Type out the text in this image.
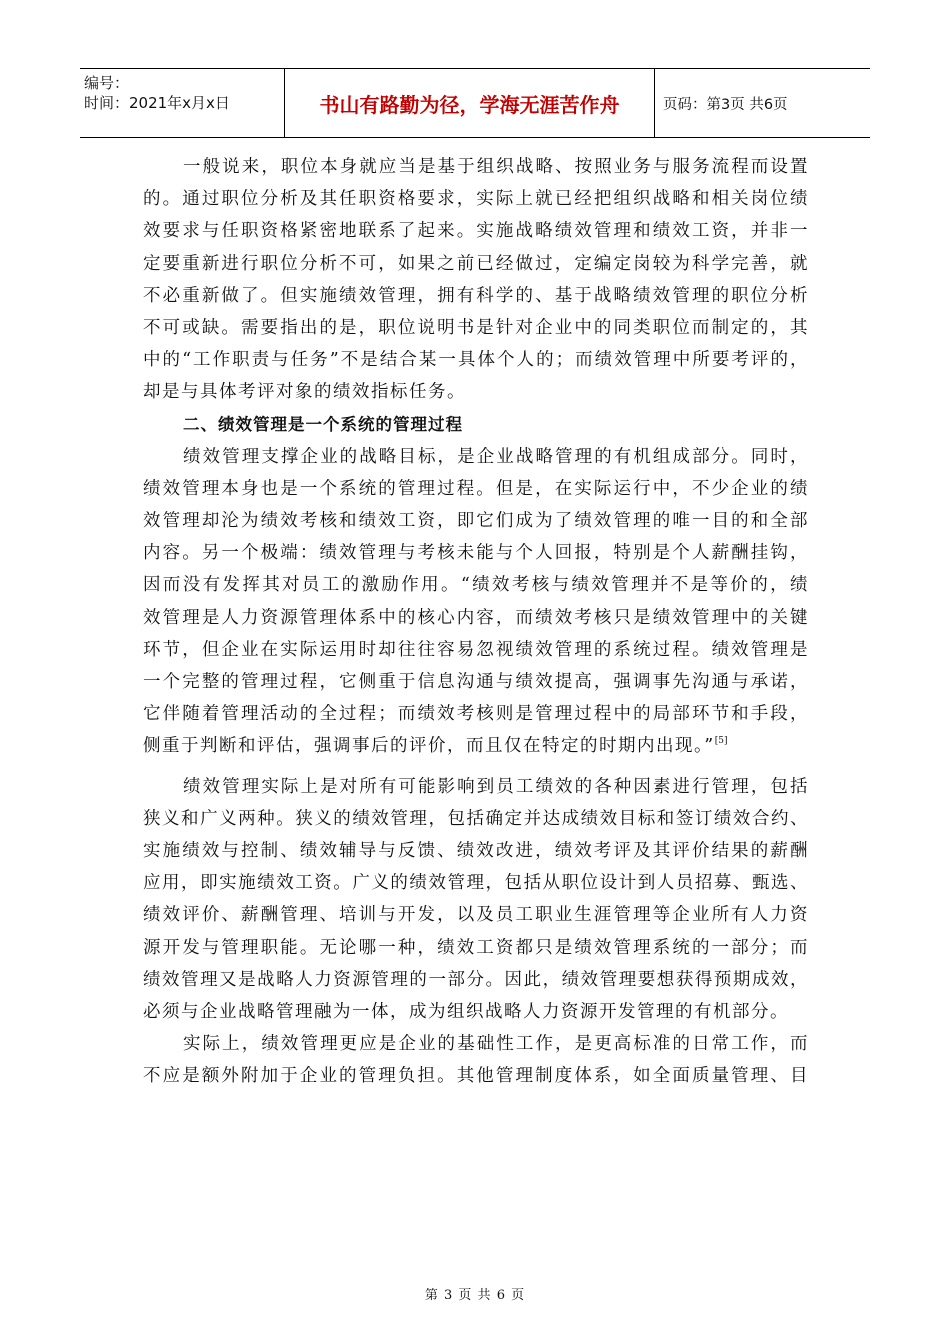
编号：
时间：2021年x月x日	书山有路勤为径，学海无涯苦作舟	页码：第3页 共6页
一般说来，职位本身就应当是基于组织战略、按照业务与服务流程而设置
的。通过职位分析及其任职资格要求，实际上就已经把组织战略和相关岗位绩
效要求与任职资格紧密地联系了起来。实施战略绩效管理和绩效工资，并非一
定要重新进行职位分析不可，如果之前已经做过，定编定岗较为科学完善，就
不必重新做了。但实施绩效管理，拥有科学的、基于战略绩效管理的职位分析
不可或缺。需要指出的是，职位说明书是针对企业中的同类职位而制定的，其
中的“工作职责与任务”不是结合某一具体个人的；而绩效管理中所要考评的，
却是与具体考评对象的绩效指标任务。
二、绩效管理是一个系统的管理过程
绩效管理支撑企业的战略目标，是企业战略管理的有机组成部分。同时，
绩效管理本身也是一个系统的管理过程。但是，在实际运行中，不少企业的绩
效管理却沦为绩效考核和绩效工资，即它们成为了绩效管理的唯一目的和全部
内容。另一个极端：绩效管理与考核未能与个人回报，特别是个人薪酬挂钩，
因而没有发挥其对员工的激励作用。“绩效考核与绩效管理并不是等价的，绩
效管理是人力资源管理体系中的核心内容，而绩效考核只是绩效管理中的关键
环节，但企业在实际运用时却往往容易忽视绩效管理的系统过程。绩效管理是
一个完整的管理过程，它侧重于信息沟通与绩效提高，强调事先沟通与承诺，
它伴随着管理活动的全过程；而绩效考核则是管理过程中的局部环节和手段，
侧重于判断和评估，强调事后的评价，而且仅在特定的时期内出现。”[5]
绩效管理实际上是对所有可能影响到员工绩效的各种因素进行管理，包括
狭义和广义两种。狭义的绩效管理，包括确定并达成绩效目标和签订绩效合约、
实施绩效与控制、绩效辅导与反馈、绩效改进，绩效考评及其评价结果的薪酬
应用，即实施绩效工资。广义的绩效管理，包括从职位设计到人员招募、甄选、
绩效评价、薪酬管理、培训与开发，以及员工职业生涯管理等企业所有人力资
源开发与管理职能。无论哪一种，绩效工资都只是绩效管理系统的一部分；而
绩效管理又是战略人力资源管理的一部分。因此，绩效管理要想获得预期成效，
必须与企业战略管理融为一体，成为组织战略人力资源开发管理的有机部分。
实际上，绩效管理更应是企业的基础性工作，是更高标准的日常工作，而
不应是额外附加于企业的管理负担。其他管理制度体系，如全面质量管理、目
第 3 页 共 6 页
